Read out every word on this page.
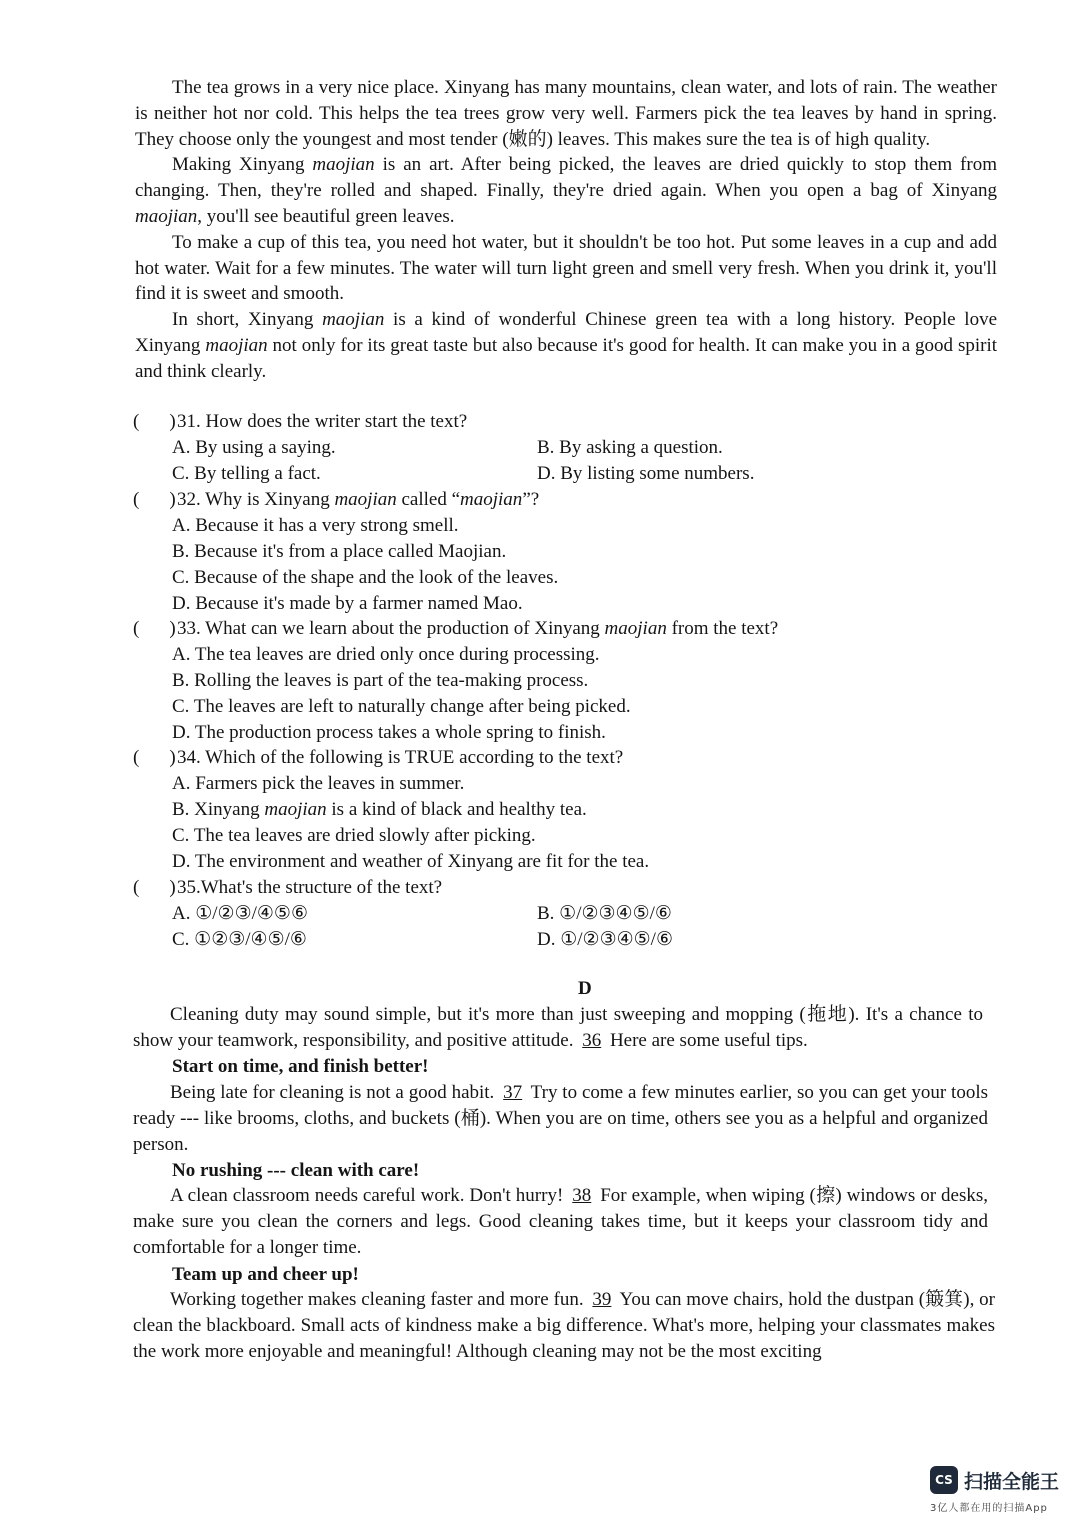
The tea grows in a very nice place. Xinyang has many mountains, clean water, and lots of rain. The weather is neither hot nor cold. This helps the tea trees grow very well. Farmers pick the tea leaves by hand in spring. They choose only the youngest and most tender (嫩的) leaves. This makes sure the tea is of high quality.

Making Xinyang maojian is an art. After being picked, the leaves are dried quickly to stop them from changing. Then, they're rolled and shaped. Finally, they're dried again. When you open a bag of Xinyang maojian, you'll see beautiful green leaves.

To make a cup of this tea, you need hot water, but it shouldn't be too hot. Put some leaves in a cup and add hot water. Wait for a few minutes. The water will turn light green and smell very fresh. When you drink it, you'll find it is sweet and smooth.

In short, Xinyang maojian is a kind of wonderful Chinese green tea with a long history. People love Xinyang maojian not only for its great taste but also because it's good for health. It can make you in a good spirit and think clearly.

( )31. How does the writer start the text?
A. By using a saying.	B. By asking a question.
C. By telling a fact.	D. By listing some numbers.
( )32. Why is Xinyang maojian called “maojian”?
A. Because it has a very strong smell.
B. Because it's from a place called Maojian.
C. Because of the shape and the look of the leaves.
D. Because it's made by a farmer named Mao.
( )33. What can we learn about the production of Xinyang maojian from the text?
A. The tea leaves are dried only once during processing.
B. Rolling the leaves is part of the tea-making process.
C. The leaves are left to naturally change after being picked.
D. The production process takes a whole spring to finish.
( )34. Which of the following is TRUE according to the text?
A. Farmers pick the leaves in summer.
B. Xinyang maojian is a kind of black and healthy tea.
C. The tea leaves are dried slowly after picking.
D. The environment and weather of Xinyang are fit for the tea.
( )35.What's the structure of the text?
A. ①/②③/④⑤⑥	B. ①/②③④⑤/⑥
C. ①②③/④⑤/⑥	D. ①/②③④⑤/⑥
D

Cleaning duty may sound simple, but it's more than just sweeping and mopping (拖地). It's a chance to show your teamwork, responsibility, and positive attitude. 36 Here are some useful tips.

Start on time, and finish better!

Being late for cleaning is not a good habit. 37 Try to come a few minutes earlier, so you can get your tools ready --- like brooms, cloths, and buckets (桶). When you are on time, others see you as a helpful and organized person.

No rushing --- clean with care!

A clean classroom needs careful work. Don't hurry! 38 For example, when wiping (擦) windows or desks, make sure you clean the corners and legs. Good cleaning takes time, but it keeps your classroom tidy and comfortable for a longer time.

Team up and cheer up!

Working together makes cleaning faster and more fun. 39 You can move chairs, hold the dustpan (簸箕), or clean the blackboard. Small acts of kindness make a big difference. What's more, helping your classmates makes the work more enjoyable and meaningful! Although cleaning may not be the most exciting

CS 扫描全能王
3亿人都在用的扫描App
